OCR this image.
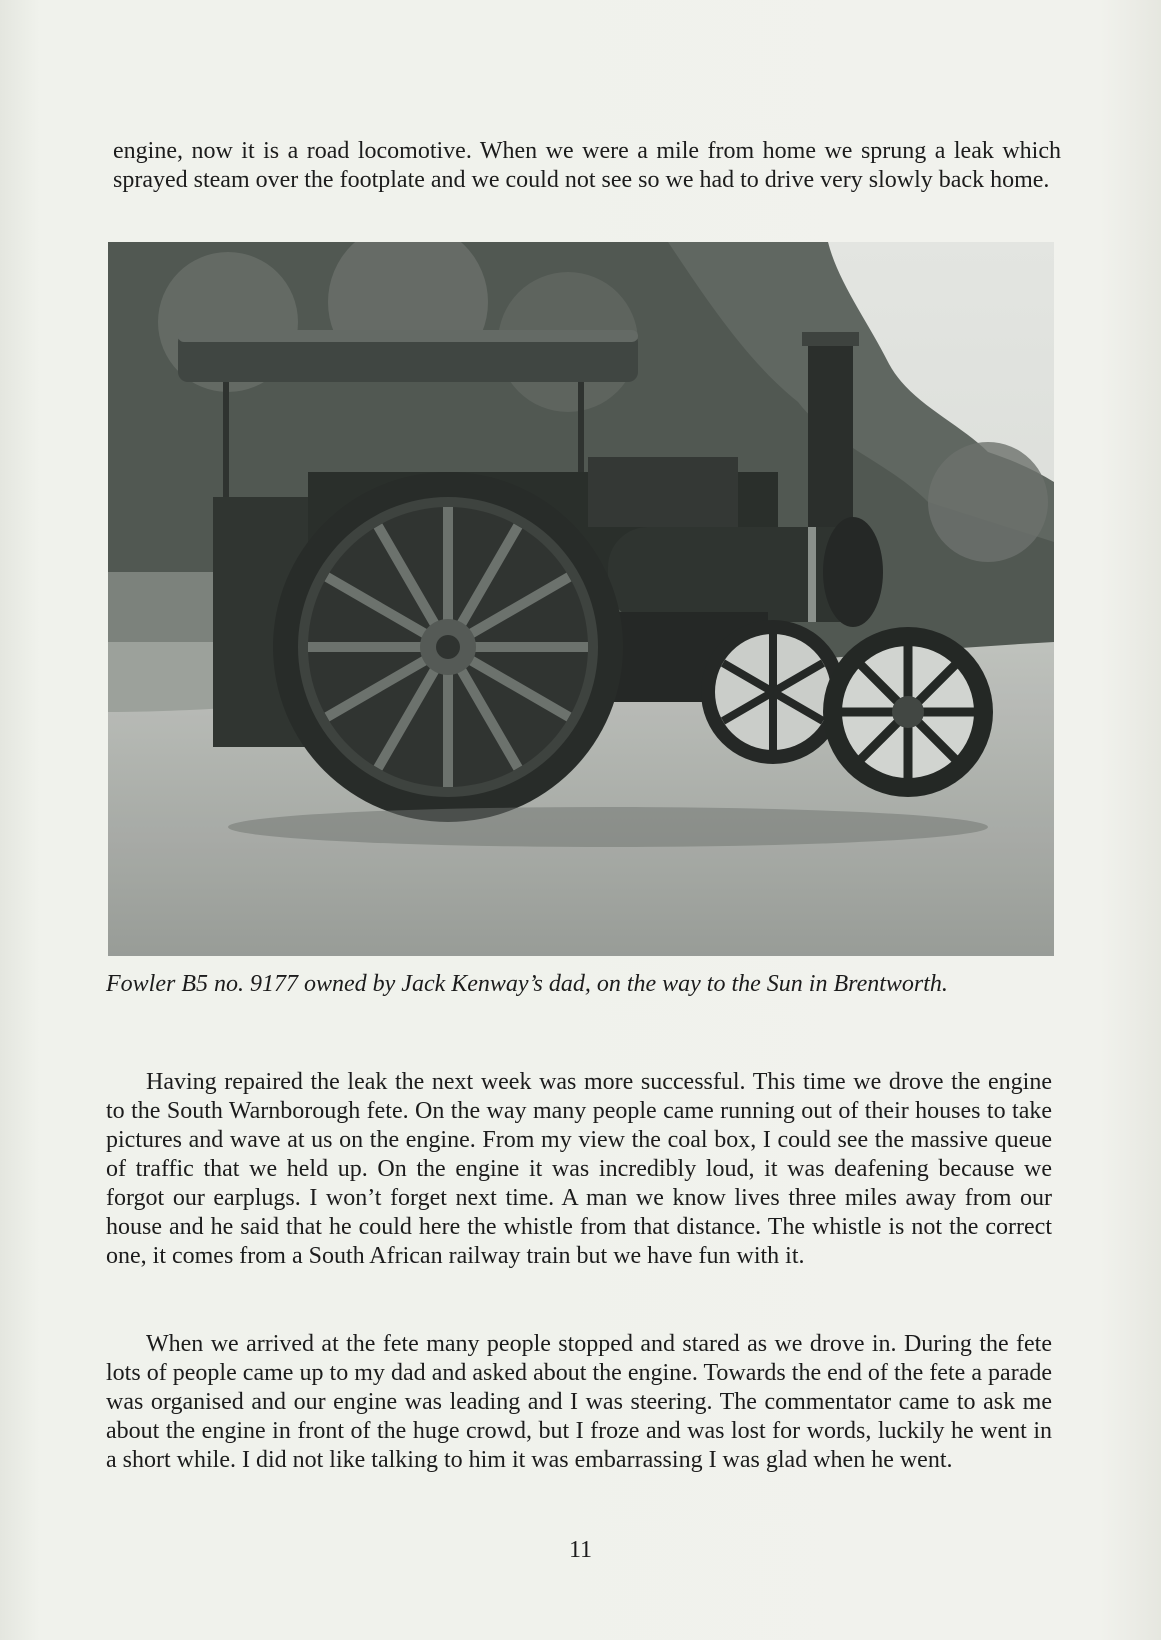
engine, now it is a road locomotive. When we were a mile from home we sprung a leak which sprayed steam over the footplate and we could not see so we had to drive very slowly back home.

Fowler B5 no. 9177 owned by Jack Kenway’s dad, on the way to the Sun in Brentworth.

Having repaired the leak the next week was more successful. This time we drove the engine to the South Warnborough fete. On the way many people came running out of their houses to take pictures and wave at us on the engine. From my view the coal box, I could see the massive queue of traffic that we held up. On the engine it was incredibly loud, it was deafening because we forgot our earplugs. I won’t forget next time. A man we know lives three miles away from our house and he said that he could here the whistle from that distance. The whistle is not the correct one, it comes from a South African railway train but we have fun with it.

When we arrived at the fete many people stopped and stared as we drove in. During the fete lots of people came up to my dad and asked about the engine. Towards the end of the fete a parade was organised and our engine was leading and I was steering. The commentator came to ask me about the engine in front of the huge crowd, but I froze and was lost for words, luckily he went in a short while. I did not like talking to him it was embarrassing I was glad when he went.

11
